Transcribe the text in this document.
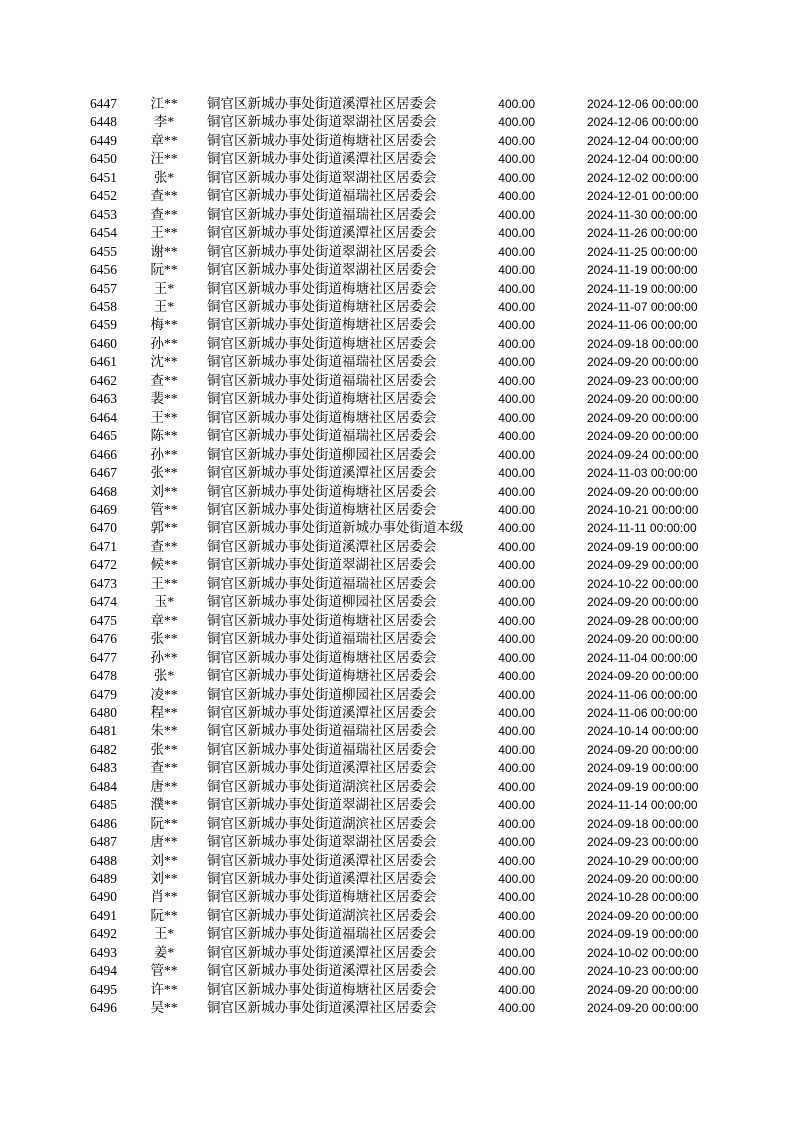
6447	江**	铜官区新城办事处街道溪潭社区居委会	400.00	2024-12-06 00:00:00
6448	李*	铜官区新城办事处街道翠湖社区居委会	400.00	2024-12-06 00:00:00
6449	章**	铜官区新城办事处街道梅塘社区居委会	400.00	2024-12-04 00:00:00
6450	汪**	铜官区新城办事处街道溪潭社区居委会	400.00	2024-12-04 00:00:00
6451	张*	铜官区新城办事处街道翠湖社区居委会	400.00	2024-12-02 00:00:00
6452	查**	铜官区新城办事处街道福瑞社区居委会	400.00	2024-12-01 00:00:00
6453	查**	铜官区新城办事处街道福瑞社区居委会	400.00	2024-11-30 00:00:00
6454	王**	铜官区新城办事处街道溪潭社区居委会	400.00	2024-11-26 00:00:00
6455	谢**	铜官区新城办事处街道翠湖社区居委会	400.00	2024-11-25 00:00:00
6456	阮**	铜官区新城办事处街道翠湖社区居委会	400.00	2024-11-19 00:00:00
6457	王*	铜官区新城办事处街道梅塘社区居委会	400.00	2024-11-19 00:00:00
6458	王*	铜官区新城办事处街道梅塘社区居委会	400.00	2024-11-07 00:00:00
6459	梅**	铜官区新城办事处街道梅塘社区居委会	400.00	2024-11-06 00:00:00
6460	孙**	铜官区新城办事处街道梅塘社区居委会	400.00	2024-09-18 00:00:00
6461	沈**	铜官区新城办事处街道福瑞社区居委会	400.00	2024-09-20 00:00:00
6462	查**	铜官区新城办事处街道福瑞社区居委会	400.00	2024-09-23 00:00:00
6463	裴**	铜官区新城办事处街道梅塘社区居委会	400.00	2024-09-20 00:00:00
6464	王**	铜官区新城办事处街道梅塘社区居委会	400.00	2024-09-20 00:00:00
6465	陈**	铜官区新城办事处街道福瑞社区居委会	400.00	2024-09-20 00:00:00
6466	孙**	铜官区新城办事处街道柳园社区居委会	400.00	2024-09-24 00:00:00
6467	张**	铜官区新城办事处街道溪潭社区居委会	400.00	2024-11-03 00:00:00
6468	刘**	铜官区新城办事处街道梅塘社区居委会	400.00	2024-09-20 00:00:00
6469	管**	铜官区新城办事处街道梅塘社区居委会	400.00	2024-10-21 00:00:00
6470	郭**	铜官区新城办事处街道新城办事处街道本级	400.00	2024-11-11 00:00:00
6471	查**	铜官区新城办事处街道溪潭社区居委会	400.00	2024-09-19 00:00:00
6472	候**	铜官区新城办事处街道翠湖社区居委会	400.00	2024-09-29 00:00:00
6473	王**	铜官区新城办事处街道福瑞社区居委会	400.00	2024-10-22 00:00:00
6474	玉*	铜官区新城办事处街道柳园社区居委会	400.00	2024-09-20 00:00:00
6475	章**	铜官区新城办事处街道梅塘社区居委会	400.00	2024-09-28 00:00:00
6476	张**	铜官区新城办事处街道福瑞社区居委会	400.00	2024-09-20 00:00:00
6477	孙**	铜官区新城办事处街道梅塘社区居委会	400.00	2024-11-04 00:00:00
6478	张*	铜官区新城办事处街道梅塘社区居委会	400.00	2024-09-20 00:00:00
6479	凌**	铜官区新城办事处街道柳园社区居委会	400.00	2024-11-06 00:00:00
6480	程**	铜官区新城办事处街道溪潭社区居委会	400.00	2024-11-06 00:00:00
6481	朱**	铜官区新城办事处街道福瑞社区居委会	400.00	2024-10-14 00:00:00
6482	张**	铜官区新城办事处街道福瑞社区居委会	400.00	2024-09-20 00:00:00
6483	查**	铜官区新城办事处街道溪潭社区居委会	400.00	2024-09-19 00:00:00
6484	唐**	铜官区新城办事处街道湖滨社区居委会	400.00	2024-09-19 00:00:00
6485	濮**	铜官区新城办事处街道翠湖社区居委会	400.00	2024-11-14 00:00:00
6486	阮**	铜官区新城办事处街道湖滨社区居委会	400.00	2024-09-18 00:00:00
6487	唐**	铜官区新城办事处街道翠湖社区居委会	400.00	2024-09-23 00:00:00
6488	刘**	铜官区新城办事处街道溪潭社区居委会	400.00	2024-10-29 00:00:00
6489	刘**	铜官区新城办事处街道溪潭社区居委会	400.00	2024-09-20 00:00:00
6490	肖**	铜官区新城办事处街道梅塘社区居委会	400.00	2024-10-28 00:00:00
6491	阮**	铜官区新城办事处街道湖滨社区居委会	400.00	2024-09-20 00:00:00
6492	王*	铜官区新城办事处街道福瑞社区居委会	400.00	2024-09-19 00:00:00
6493	姜*	铜官区新城办事处街道溪潭社区居委会	400.00	2024-10-02 00:00:00
6494	管**	铜官区新城办事处街道溪潭社区居委会	400.00	2024-10-23 00:00:00
6495	许**	铜官区新城办事处街道梅塘社区居委会	400.00	2024-09-20 00:00:00
6496	吴**	铜官区新城办事处街道溪潭社区居委会	400.00	2024-09-20 00:00:00
